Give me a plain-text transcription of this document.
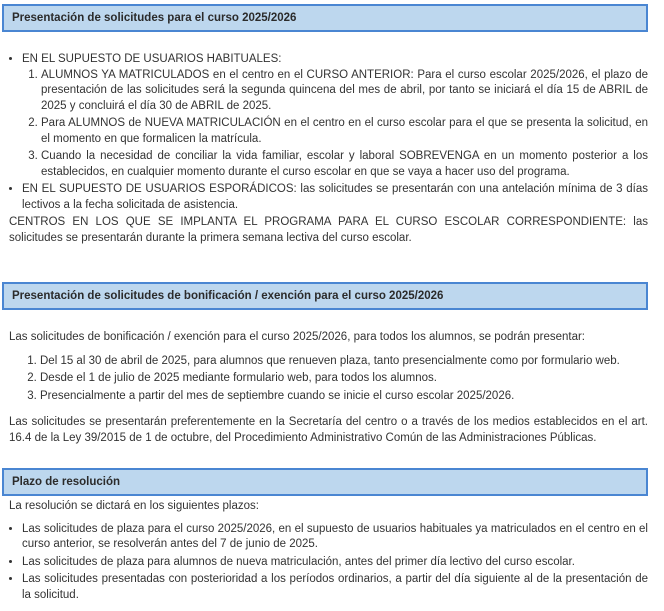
Presentación de solicitudes para el curso 2025/2026
• EN EL SUPUESTO DE USUARIOS HABITUALES:
1. ALUMNOS YA MATRICULADOS en el centro en el CURSO ANTERIOR: Para el curso escolar 2025/2026, el plazo de presentación de las solicitudes será la segunda quincena del mes de abril, por tanto se iniciará el día 15 de ABRIL de 2025 y concluirá el día 30 de ABRIL de 2025.
2. Para ALUMNOS de NUEVA MATRICULACIÓN en el centro en el curso escolar para el que se presenta la solicitud, en el momento en que formalicen la matrícula.
3. Cuando la necesidad de conciliar la vida familiar, escolar y laboral SOBREVENGA en un momento posterior a los establecidos, en cualquier momento durante el curso escolar en que se vaya a hacer uso del programa.
• EN EL SUPUESTO DE USUARIOS ESPORÁDICOS: las solicitudes se presentarán con una antelación mínima de 3 días lectivos a la fecha solicitada de asistencia.

CENTROS EN LOS QUE SE IMPLANTA EL PROGRAMA PARA EL CURSO ESCOLAR CORRESPONDIENTE: las solicitudes se presentarán durante la primera semana lectiva del curso escolar.

Presentación de solicitudes de bonificación / exención para el curso 2025/2026

Las solicitudes de bonificación / exención para el curso 2025/2026, para todos los alumnos, se podrán presentar:

1. Del 15 al 30 de abril de 2025, para alumnos que renueven plaza, tanto presencialmente como por formulario web.
2. Desde el 1 de julio de 2025 mediante formulario web, para todos los alumnos.
3. Presencialmente a partir del mes de septiembre cuando se inicie el curso escolar 2025/2026.

Las solicitudes se presentarán preferentemente en la Secretaría del centro o a través de los medios establecidos en el art. 16.4 de la Ley 39/2015 de 1 de octubre, del Procedimiento Administrativo Común de las Administraciones Públicas.

Plazo de resolución

La resolución se dictará en los siguientes plazos:

• Las solicitudes de plaza para el curso 2025/2026, en el supuesto de usuarios habituales ya matriculados en el centro en el curso anterior, se resolverán antes del 7 de junio de 2025.
• Las solicitudes de plaza para alumnos de nueva matriculación, antes del primer día lectivo del curso escolar.
• Las solicitudes presentadas con posterioridad a los períodos ordinarios, a partir del día siguiente al de la presentación de la solicitud.
